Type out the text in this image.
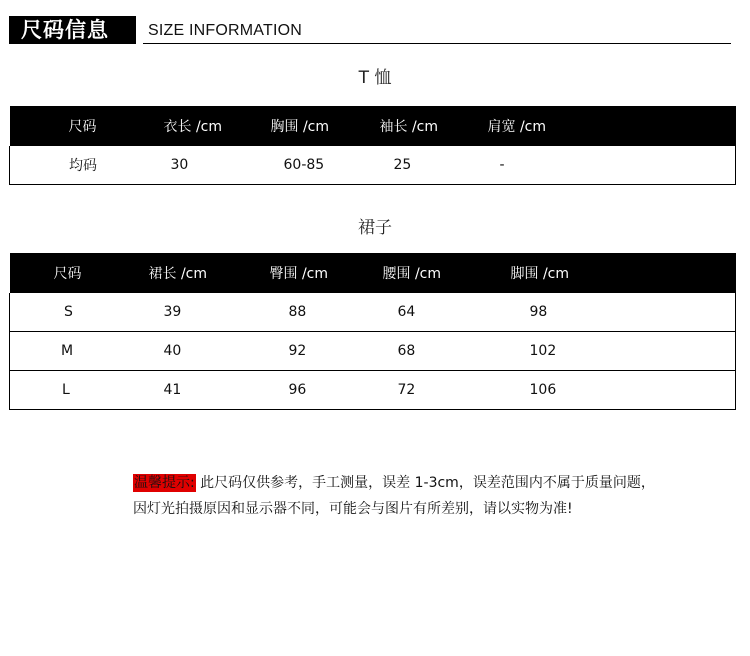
尺码信息	SIZE INFORMATION
T 恤
尺码	衣长 /cm	胸围 /cm	袖长 /cm	肩宽 /cm
均码	30	60-85	25	-
裙子
尺码	裙长 /cm	臀围 /cm	腰围 /cm	脚围 /cm
S	39	88	64	98
M	40	92	68	102
L	41	96	72	106
温馨提示: 此尺码仅供参考，手工测量，误差 1-3cm，误差范围内不属于质量问题，
因灯光拍摄原因和显示器不同，可能会与图片有所差别，请以实物为准!
